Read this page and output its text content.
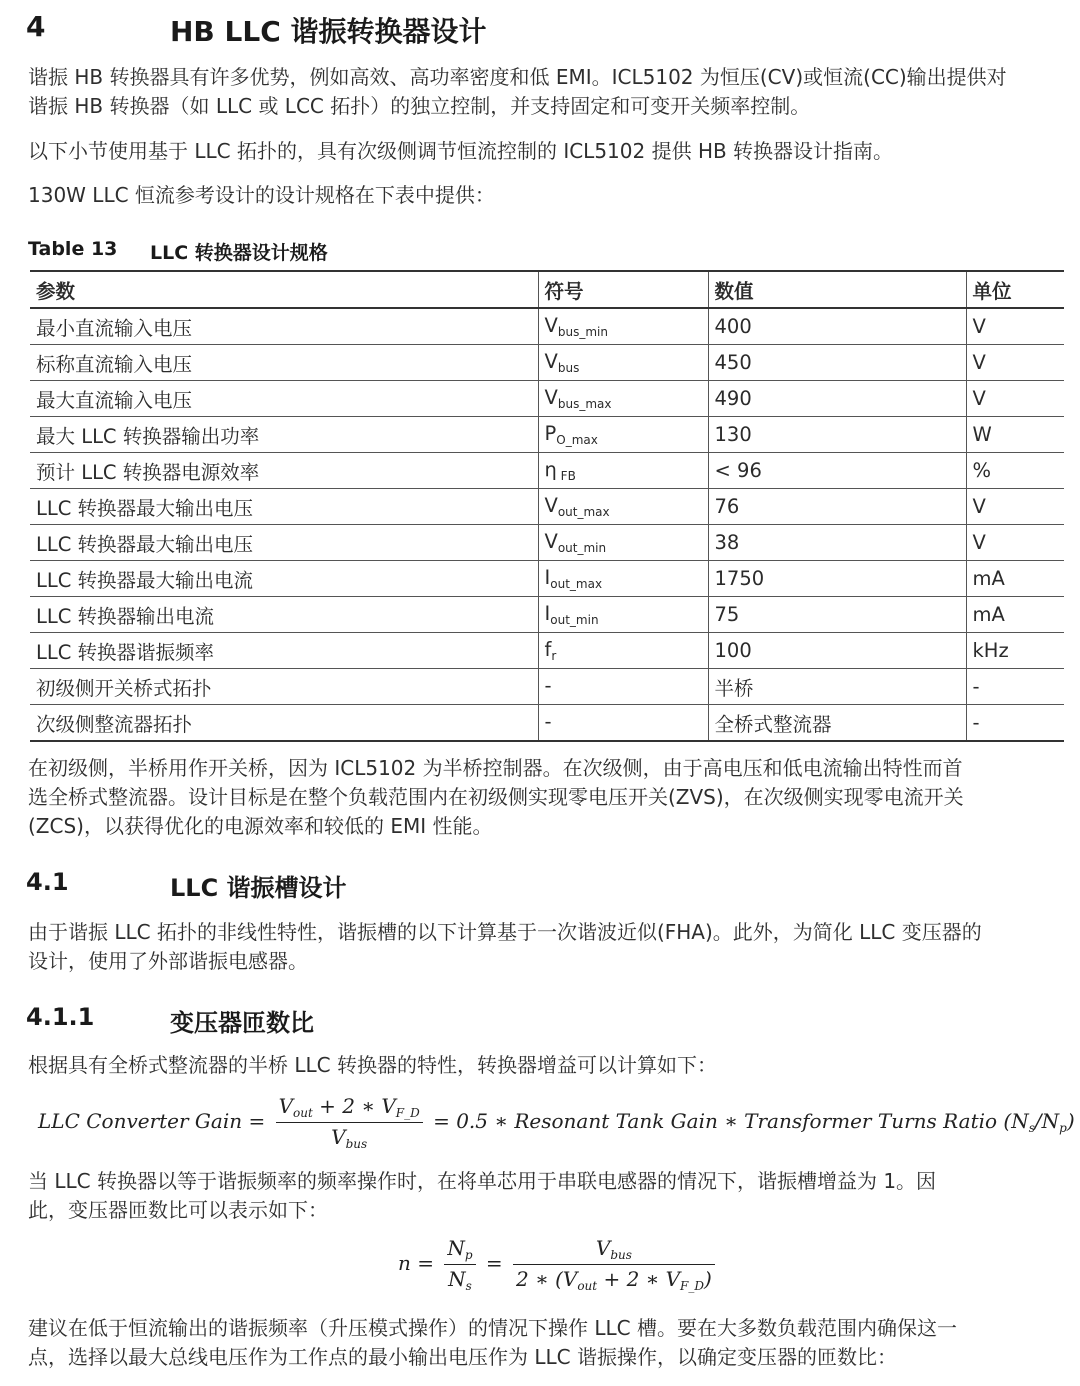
4	HB LLC 谐振转换器设计
谐振 HB 转换器具有许多优势，例如高效、高功率密度和低 EMI。ICL5102 为恒压(CV)或恒流(CC)输出提供对
谐振 HB 转换器（如 LLC 或 LCC 拓扑）的独立控制，并支持固定和可变开关频率控制。
以下小节使用基于 LLC 拓扑的，具有次级侧调节恒流控制的 ICL5102 提供 HB 转换器设计指南。
130W LLC 恒流参考设计的设计规格在下表中提供：
Table 13 LLC 转换器设计规格
参数	符号	数值	单位
最小直流输入电压	$V_{bus\_min}$	400	V
标称直流输入电压	$V_{bus}$	450	V
最大直流输入电压	$V_{bus\_max}$	490	V
最大 LLC 转换器输出功率	$P_{O\_max}$	130	W
预计 LLC 转换器电源效率	η $_{FB}$	< 96	%
LLC 转换器最大输出电压	$V_{out\_max}$	76	V
LLC 转换器最大输出电压	$V_{out\_min}$	38	V
LLC 转换器最大输出电流	$I_{out\_max}$	1750	mA
LLC 转换器输出电流	$I_{out\_min}$	75	mA
LLC 转换器谐振频率	$f_r$	100	kHz
初级侧开关桥式拓扑	-	半桥	-
次级侧整流器拓扑	-	全桥式整流器	-
在初级侧，半桥用作开关桥，因为 ICL5102 为半桥控制器。在次级侧，由于高电压和低电流输出特性而首
选全桥式整流器。设计目标是在整个负载范围内在初级侧实现零电压开关(ZVS)，在次级侧实现零电流开关
(ZCS)，以获得优化的电源效率和较低的 EMI 性能。
4.1	LLC 谐振槽设计
由于谐振 LLC 拓扑的非线性特性，谐振槽的以下计算基于一次谐波近似(FHA)。此外，为简化 LLC 变压器的
设计，使用了外部谐振电感器。
4.1.1	变压器匝数比
根据具有全桥式整流器的半桥 LLC 转换器的特性，转换器增益可以计算如下：
LLC Converter Gain = $\frac{V_{out} + 2 ∗ V_{F\_D}}{V_{bus}} = 0.5$ ∗ Resonant Tank Gain ∗ Transformer Turns Ratio $(N_s/N_p)$
当 LLC 转换器以等于谐振频率的频率操作时，在将单芯用于串联电感器的情况下，谐振槽增益为 1。因
此，变压器匝数比可以表示如下：
$n = \frac{N_p}{N_s} = \frac{V_{bus}}{2 ∗ (V_{out} + 2 ∗ V_{F\_D})}$
建议在低于恒流输出的谐振频率（升压模式操作）的情况下操作 LLC 槽。要在大多数负载范围内确保这一
点，选择以最大总线电压作为工作点的最小输出电压作为 LLC 谐振操作，以确定变压器的匝数比：
